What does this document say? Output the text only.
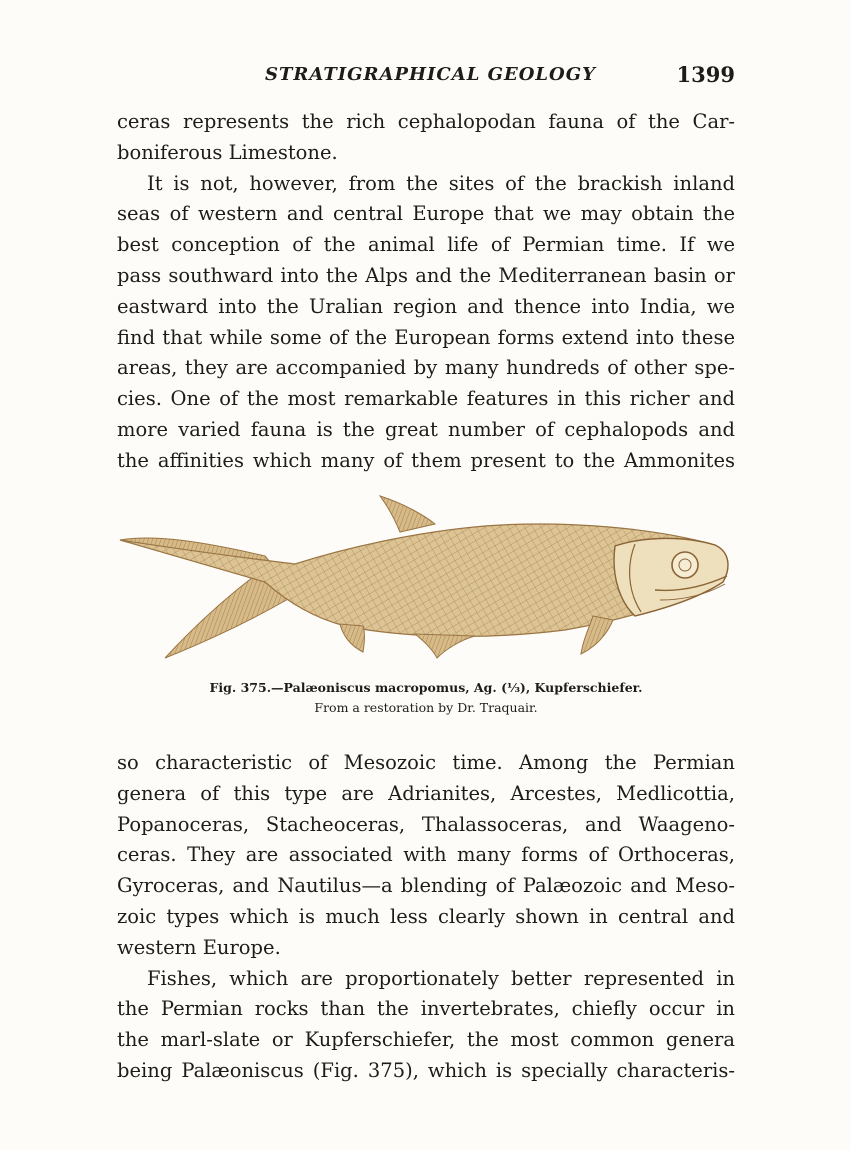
STRATIGRAPHICAL GEOLOGY	1399
ceras represents the rich cephalopodan fauna of the Car-
boniferous Limestone.
It is not, however, from the sites of the brackish inland
seas of western and central Europe that we may obtain the
best conception of the animal life of Permian time. If we
pass southward into the Alps and the Mediterranean basin or
eastward into the Uralian region and thence into India, we
find that while some of the European forms extend into these
areas, they are accompanied by many hundreds of other spe-
cies. One of the most remarkable features in this richer and
more varied fauna is the great number of cephalopods and
the affinities which many of them present to the Ammonites
Fig. 375.—Palæoniscus macropomus, Ag. (⅓), Kupferschiefer.
From a restoration by Dr. Traquair.
so characteristic of Mesozoic time. Among the Permian
genera of this type are Adrianites, Arcestes, Medlicottia,
Popanoceras, Stacheoceras, Thalassoceras, and Waageno-
ceras. They are associated with many forms of Orthoceras,
Gyroceras, and Nautilus—a blending of Palæozoic and Meso-
zoic types which is much less clearly shown in central and
western Europe.
Fishes, which are proportionately better represented in
the Permian rocks than the invertebrates, chiefly occur in
the marl-slate or Kupferschiefer, the most common genera
being Palæoniscus (Fig. 375), which is specially characteris-
